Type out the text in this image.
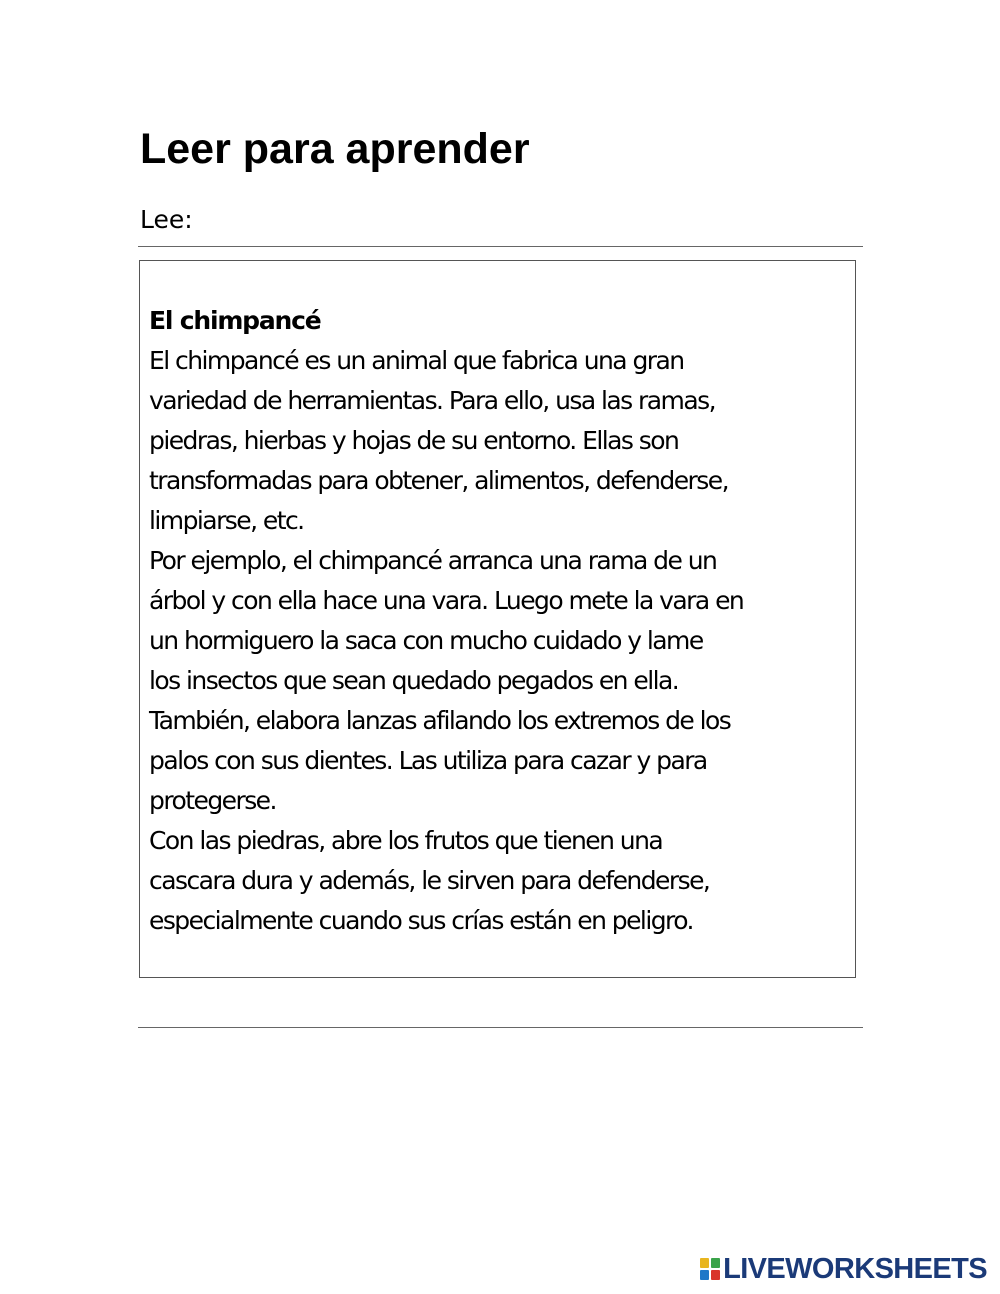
Leer para aprender
Lee:
El chimpancé
El chimpancé es un animal que fabrica una gran
variedad de herramientas. Para ello, usa las ramas,
piedras, hierbas y hojas de su entorno. Ellas son
transformadas para obtener, alimentos, defenderse,
limpiarse, etc.
Por ejemplo, el chimpancé arranca una rama de un
árbol y con ella hace una vara. Luego mete la vara en
un hormiguero la saca con mucho cuidado y lame
los insectos que sean quedado pegados en ella.
También, elabora lanzas afilando los extremos de los
palos con sus dientes. Las utiliza para cazar y para
protegerse.
Con las piedras, abre los frutos que tienen una
cascara dura y además, le sirven para defenderse,
especialmente cuando sus crías están en peligro.
LIVEWORKSHEETS
